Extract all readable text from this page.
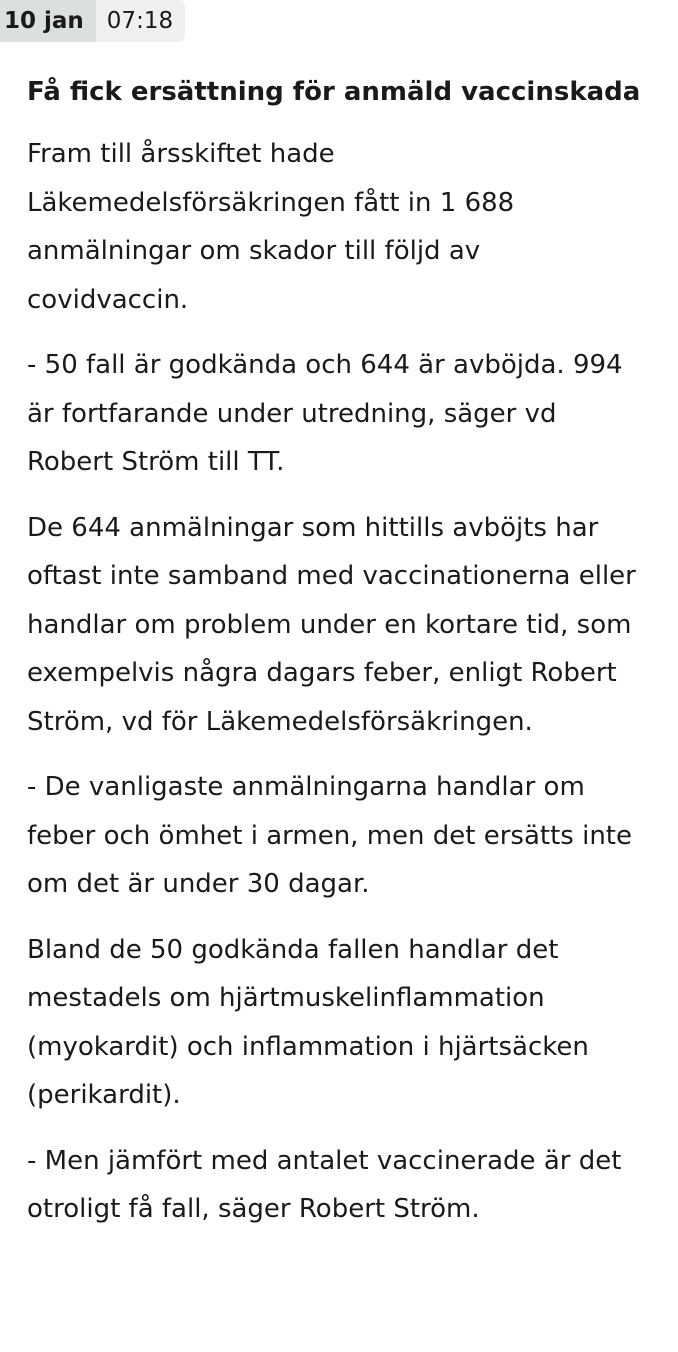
10 jan	07:18
Få fick ersättning för anmäld vaccinskada

Fram till årsskiftet hade Läkemedelsförsäkringen fått in 1 688 anmälningar om skador till följd av covidvaccin.

- 50 fall är godkända och 644 är avböjda. 994 är fortfarande under utredning, säger vd Robert Ström till TT.

De 644 anmälningar som hittills avböjts har oftast inte samband med vaccinationerna eller handlar om problem under en kortare tid, som exempelvis några dagars feber, enligt Robert Ström, vd för Läkemedelsförsäkringen.

- De vanligaste anmälningarna handlar om feber och ömhet i armen, men det ersätts inte om det är under 30 dagar.

Bland de 50 godkända fallen handlar det mestadels om hjärtmuskelinflammation (myokardit) och inflammation i hjärtsäcken (perikardit).

- Men jämfört med antalet vaccinerade är det otroligt få fall, säger Robert Ström.
